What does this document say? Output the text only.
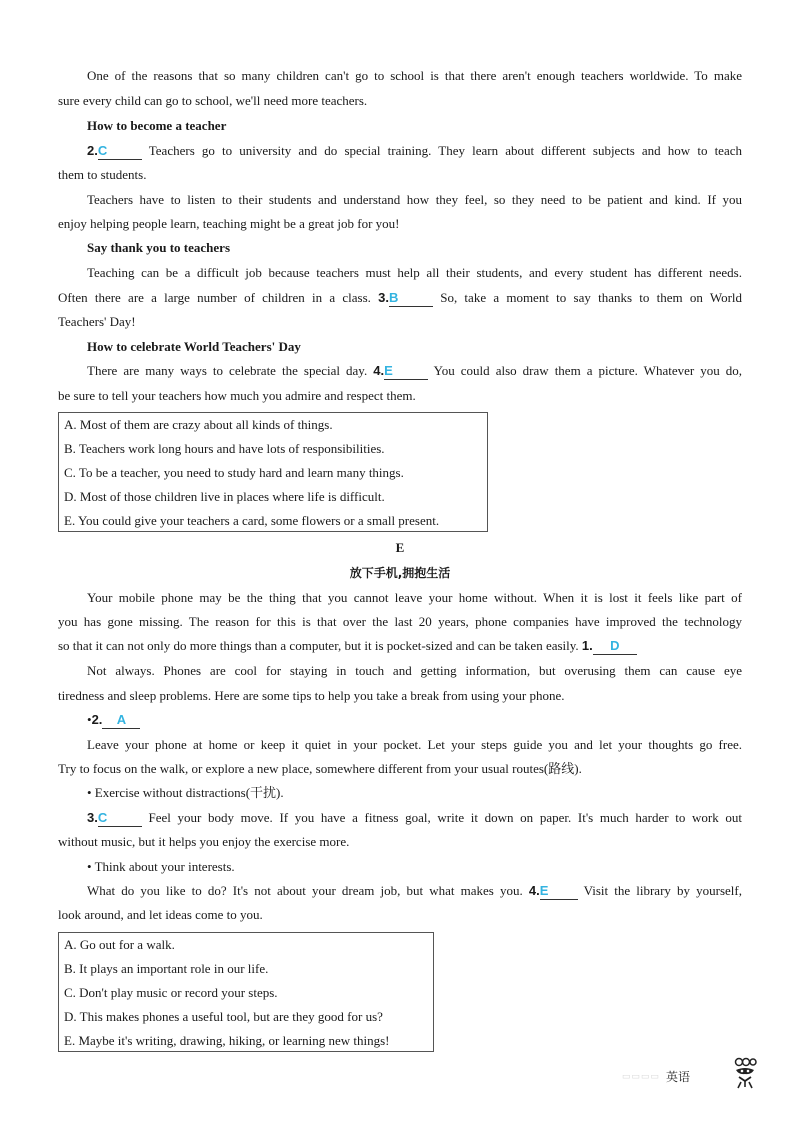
One of the reasons that so many children can't go to school is that there aren't enough teachers worldwide. To make
sure every child can go to school, we'll need more teachers.
How to become a teacher
2.C	Teachers go to university and do special training. They learn about different subjects and how to teach
them to students.
Teachers have to listen to their students and understand how they feel, so they need to be patient and kind. If you
enjoy helping people learn, teaching might be a great job for you!
Say thank you to teachers
Teaching can be a difficult job because teachers must help all their students, and every student has different needs.
Often there are a large number of children in a class. 3.B	So, take a moment to say thanks to them on World
Teachers' Day!
How to celebrate World Teachers' Day
There are many ways to celebrate the special day. 4.E	You could also draw them a picture. Whatever you do,
be sure to tell your teachers how much you admire and respect them.
A. Most of them are crazy about all kinds of things.
B. Teachers work long hours and have lots of responsibilities.
C. To be a teacher, you need to study hard and learn many things.
D. Most of those children live in places where life is difficult.
E. You could give your teachers a card, some flowers or a small present.
E
放下手机,拥抱生活
Your mobile phone may be the thing that you cannot leave your home without. When it is lost it feels like part of
you has gone missing. The reason for this is that over the last 20 years, phone companies have improved the technology
so that it can not only do more things than a computer, but it is pocket-sized and can be taken easily. 1. D
Not always. Phones are cool for staying in touch and getting information, but overusing them can cause eye
tiredness and sleep problems. Here are some tips to help you take a break from using your phone.
•2. A
Leave your phone at home or keep it quiet in your pocket. Let your steps guide you and let your thoughts go free.
Try to focus on the walk, or explore a new place, somewhere different from your usual routes(路线).
• Exercise without distractions(干扰).
3.C	Feel your body move. If you have a fitness goal, write it down on paper. It's much harder to work out
without music, but it helps you enjoy the exercise more.
• Think about your interests.
What do you like to do? It's not about your dream job, but what makes you. 4.E	Visit the library by yourself,
look around, and let ideas come to you.
A. Go out for a walk.
B. It plays an important role in our life.
C. Don't play music or record your steps.
D. This makes phones a useful tool, but are they good for us?
E. Maybe it's writing, drawing, hiking, or learning new things!
▭▭▭▭ 英语
